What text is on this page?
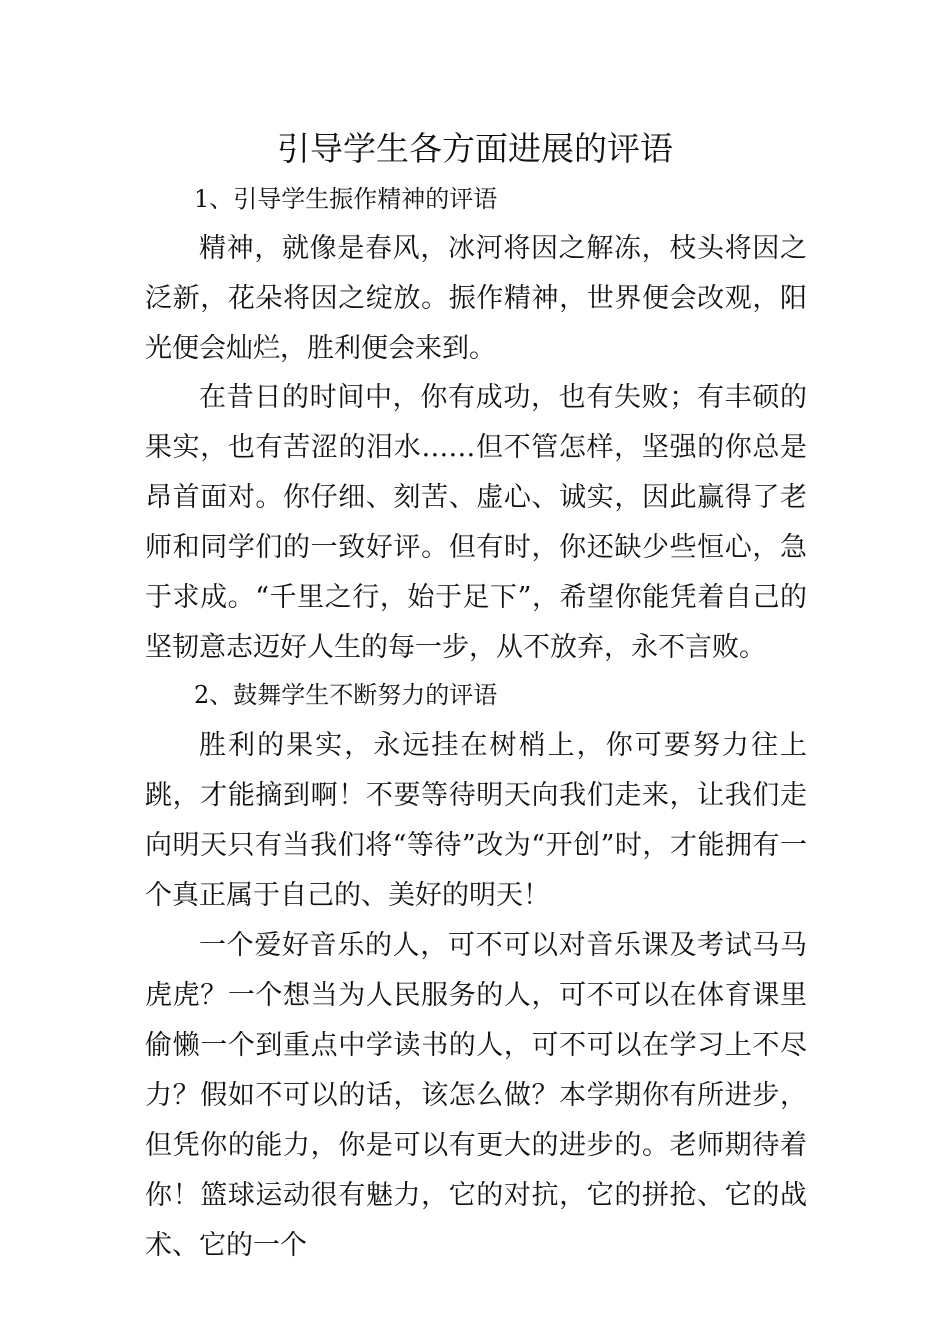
引导学生各方面进展的评语
1、引导学生振作精神的评语

精神，就像是春风，冰河将因之解冻，枝头将因之泛新，花朵将因之绽放。振作精神，世界便会改观，阳光便会灿烂，胜利便会来到。

在昔日的时间中，你有成功，也有失败；有丰硕的果实，也有苦涩的泪水……但不管怎样，坚强的你总是昂首面对。你仔细、刻苦、虚心、诚实，因此赢得了老师和同学们的一致好评。但有时，你还缺少些恒心，急于求成。“千里之行，始于足下”，希望你能凭着自己的坚韧意志迈好人生的每一步，从不放弃，永不言败。

2、鼓舞学生不断努力的评语

胜利的果实，永远挂在树梢上，你可要努力往上跳，才能摘到啊！不要等待明天向我们走来，让我们走向明天只有当我们将“等待”改为“开创”时，才能拥有一个真正属于自己的、美好的明天！

一个爱好音乐的人，可不可以对音乐课及考试马马虎虎？一个想当为人民服务的人，可不可以在体育课里偷懒一个到重点中学读书的人，可不可以在学习上不尽力？假如不可以的话，该怎么做？本学期你有所进步，但凭你的能力，你是可以有更大的进步的。老师期待着你！篮球运动很有魅力，它的对抗，它的拼抢、它的战术、它的一个
